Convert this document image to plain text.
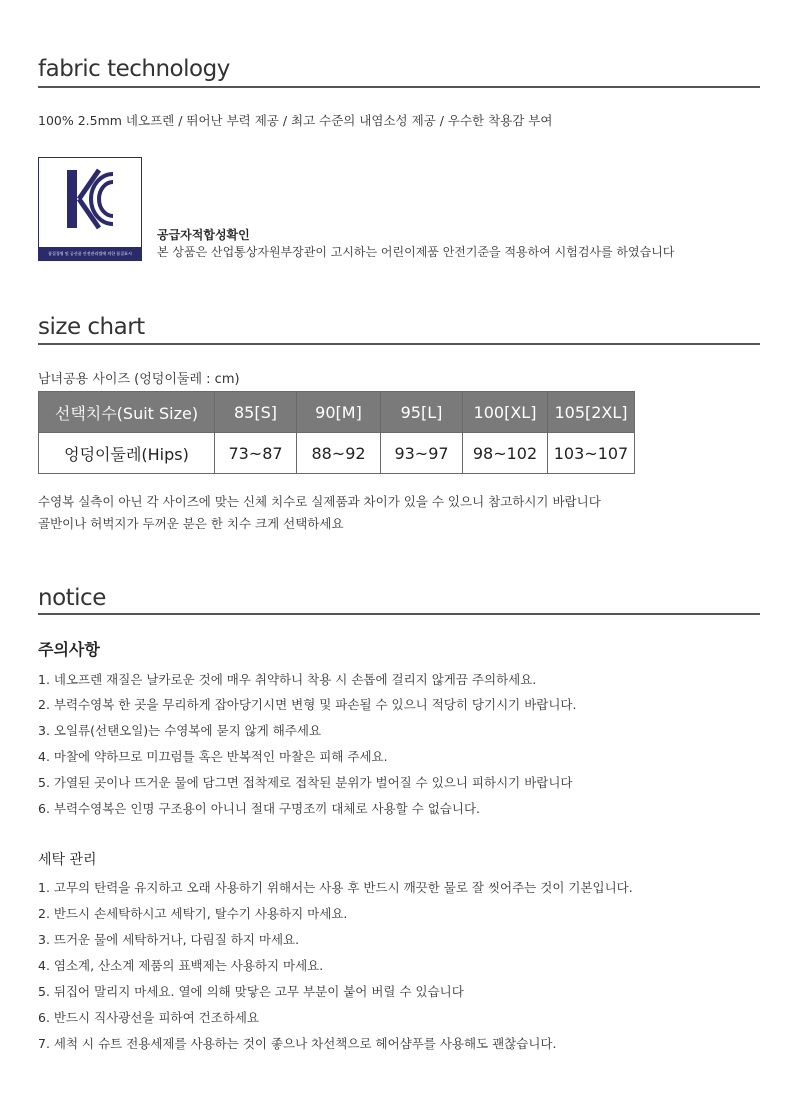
fabric technology
100% 2.5mm 네오프렌 / 뛰어난 부력 제공 / 최고 수준의 내염소성 제공 / 우수한 착용감 부여
품질경영 및 공산품 안전관리법에 의한 품질표시
공급자적합성확인
본 상품은 산업통상자원부장관이 고시하는 어린이제품 안전기준을 적용하여 시험검사를 하였습니다
size chart
남녀공용 사이즈 (엉덩이둘레 : cm)
선택치수(Suit Size)	85[S]	90[M]	95[L]	100[XL]	105[2XL]
엉덩이둘레(Hips)	73~87	88~92	93~97	98~102	103~107
수영복 실측이 아닌 각 사이즈에 맞는 신체 치수로 실제품과 차이가 있을 수 있으니 참고하시기 바랍니다
골반이나 허벅지가 두꺼운 분은 한 치수 크게 선택하세요
notice
주의사항
1. 네오프렌 재질은 날카로운 것에 매우 취약하니 착용 시 손톱에 걸리지 않게끔 주의하세요.
2. 부력수영복 한 곳을 무리하게 잡아당기시면 변형 및 파손될 수 있으니 적당히 당기시기 바랍니다.
3. 오일류(선탠오일)는 수영복에 묻지 않게 해주세요
4. 마찰에 약하므로 미끄럼틀 혹은 반복적인 마찰은 피해 주세요.
5. 가열된 곳이나 뜨거운 물에 담그면 접착제로 접착된 분위가 벌어질 수 있으니 피하시기 바랍니다
6. 부력수영복은 인명 구조용이 아니니 절대 구명조끼 대체로 사용할 수 없습니다.
세탁 관리
1. 고무의 탄력을 유지하고 오래 사용하기 위해서는 사용 후 반드시 깨끗한 물로 잘 씻어주는 것이 기본입니다.
2. 반드시 손세탁하시고 세탁기, 탈수기 사용하지 마세요.
3. 뜨거운 물에 세탁하거나, 다림질 하지 마세요.
4. 염소계, 산소계 제품의 표백제는 사용하지 마세요.
5. 뒤집어 말리지 마세요. 열에 의해 맞닿은 고무 부분이 붙어 버릴 수 있습니다
6. 반드시 직사광선을 피하여 건조하세요
7. 세척 시 슈트 전용세제를 사용하는 것이 좋으나 차선책으로 헤어샴푸를 사용해도 괜찮습니다.
